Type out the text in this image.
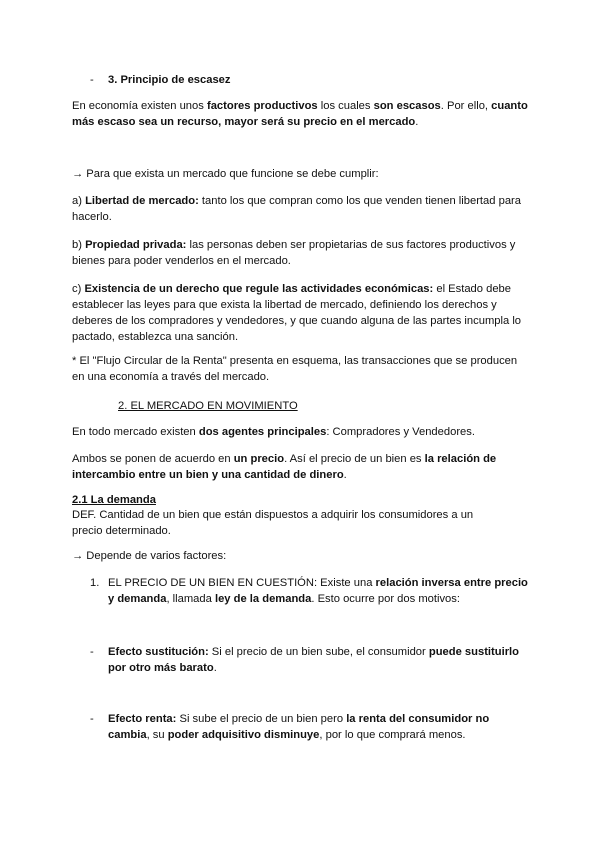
- 3. Principio de escasez

En economía existen unos factores productivos los cuales son escasos. Por ello, cuanto más escaso sea un recurso, mayor será su precio en el mercado.

→ Para que exista un mercado que funcione se debe cumplir:

a) Libertad de mercado: tanto los que compran como los que venden tienen libertad para hacerlo.

b) Propiedad privada: las personas deben ser propietarias de sus factores productivos y bienes para poder venderlos en el mercado.

c) Existencia de un derecho que regule las actividades económicas: el Estado debe establecer las leyes para que exista la libertad de mercado, definiendo los derechos y deberes de los compradores y vendedores, y que cuando alguna de las partes incumpla lo pactado, establezca una sanción.

* El "Flujo Circular de la Renta" presenta en esquema, las transacciones que se producen en una economía a través del mercado.

2. EL MERCADO EN MOVIMIENTO

En todo mercado existen dos agentes principales: Compradores y Vendedores.

Ambos se ponen de acuerdo en un precio. Así el precio de un bien es la relación de intercambio entre un bien y una cantidad de dinero.

2.1 La demanda

DEF. Cantidad de un bien que están dispuestos a adquirir los consumidores a un precio determinado.

→ Depende de varios factores:

1. EL PRECIO DE UN BIEN EN CUESTIÓN: Existe una relación inversa entre precio y demanda, llamada ley de la demanda. Esto ocurre por dos motivos:

- Efecto sustitución: Si el precio de un bien sube, el consumidor puede sustituirlo por otro más barato.

- Efecto renta: Si sube el precio de un bien pero la renta del consumidor no cambia, su poder adquisitivo disminuye, por lo que comprará menos.
